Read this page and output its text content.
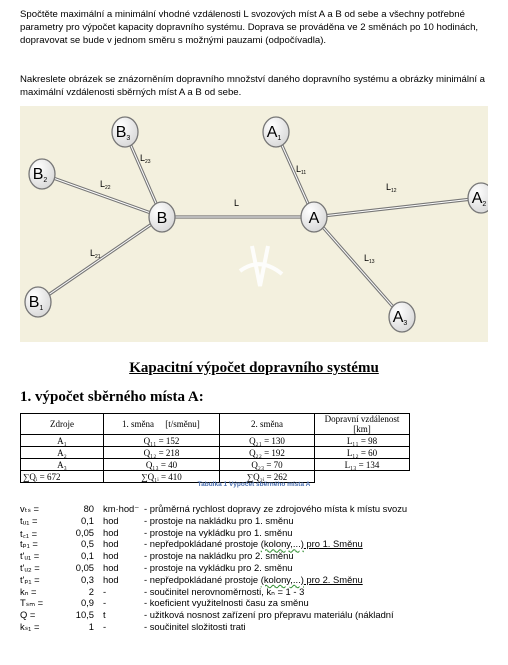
Spočtěte maximální a minimální vhodné vzdálenosti L svozových míst A a B od sebe a všechny potřebné parametry pro výpočet kapacity dopravního systému. Doprava se prováděna ve 2 směnách po 10 hodinách, dopravovat se bude v jednom směru s možnými pauzami (odpočívadla).
Nakreslete obrázek se znázorněním dopravního množství daného dopravního systému a obrázky minimální a maximální vzdálenosti sběrných míst A a B od sebe.
L
$L_{23}$
$L_{22}$
$L_{21}$
$L_{11}$
$L_{12}$
$L_{13}$
B	A
B1
B2
B3	A1
A2
A3
Kapacitní výpočet dopravního systému
1. výpočet sběrného místa A:
Zdroje	1. směna [t/směnu]	2. směna	Dopravní vzdálenost [km]
A₁	Q₁₁ = 152	Q₂₁ = 130	L₁₁ = 98
A₂	Q₁₂ = 218	Q₂₂ = 192	L₁₂ = 60
A₃	Q₁₃ = 40	Q₂₃ = 70	L₁₃ = 134
∑Qᵢ = 672	∑Q₁ᵢ = 410	∑Q₂ᵢ = 262	
Tabulka 1 Výpočet sběrného místa A
vₜₛ =	80 km·hod⁻ - průměrná rychlost dopravy ze zdrojového místa k místu svozu
tᵤ₁ =	0,1 hod	- prostoje na nakládku pro 1. směnu
t꜀₁ =	0,05 hod	- prostoje na vykládku pro 1. směnu
tₚ₁ =	0,5 hod	- nepředpokládané prostoje (kolony,...) pro 1. Směnu
t'ᵤ₁ =	0,1 hod	- prostoje na nakládku pro 2. směnu
t'ᵤ₂ =	0,05 hod	- prostoje na vykládku pro 2. směnu
t'ₚ₁ =	0,3 hod	- nepředpokládané prostoje (kolony,...) pro 2. Směnu
kₙ =	2 -	- součinitel nerovnoměrnosti, kₙ = 1 - 3
Tₛₘ =	0,9 -	- koeficient využitelnosti času za směnu
Q =	10,5 t	- užitková nosnost zařízení pro přepravu materiálu (nákladní
kₛ₁ =	1 -	- součinitel složitosti trati
